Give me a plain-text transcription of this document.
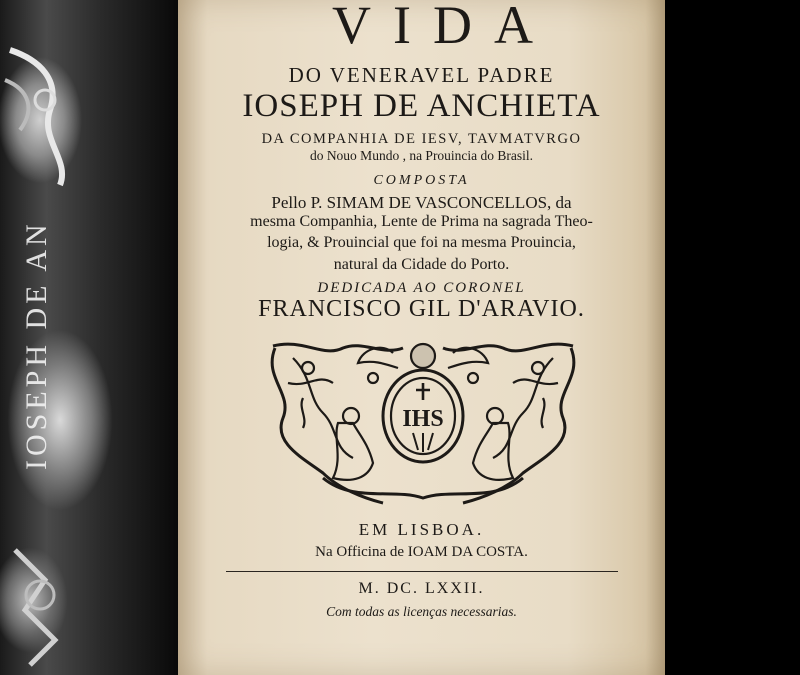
IOSEPH DE AN
VIDA
DO VENERAVEL PADRE
IOSEPH DE ANCHIETA
DA COMPANHIA DE IESV, TAVMATVRGO
do Nouo Mundo , na Prouincia do Brasil.
COMPOSTA
Pello P. SIMAM DE VASCONCELLOS, da
mesma Companhia, Lente de Prima na sagrada Theo-
logia, & Prouincial que foi na mesma Prouincia,
natural da Cidade do Porto.
DEDICADA AO CORONEL
FRANCISCO GIL D'ARAVIO.
IHS
EM LISBOA.
Na Officina de IOAM DA COSTA.
M. DC. LXXII.
Com todas as licenças necessarias.
